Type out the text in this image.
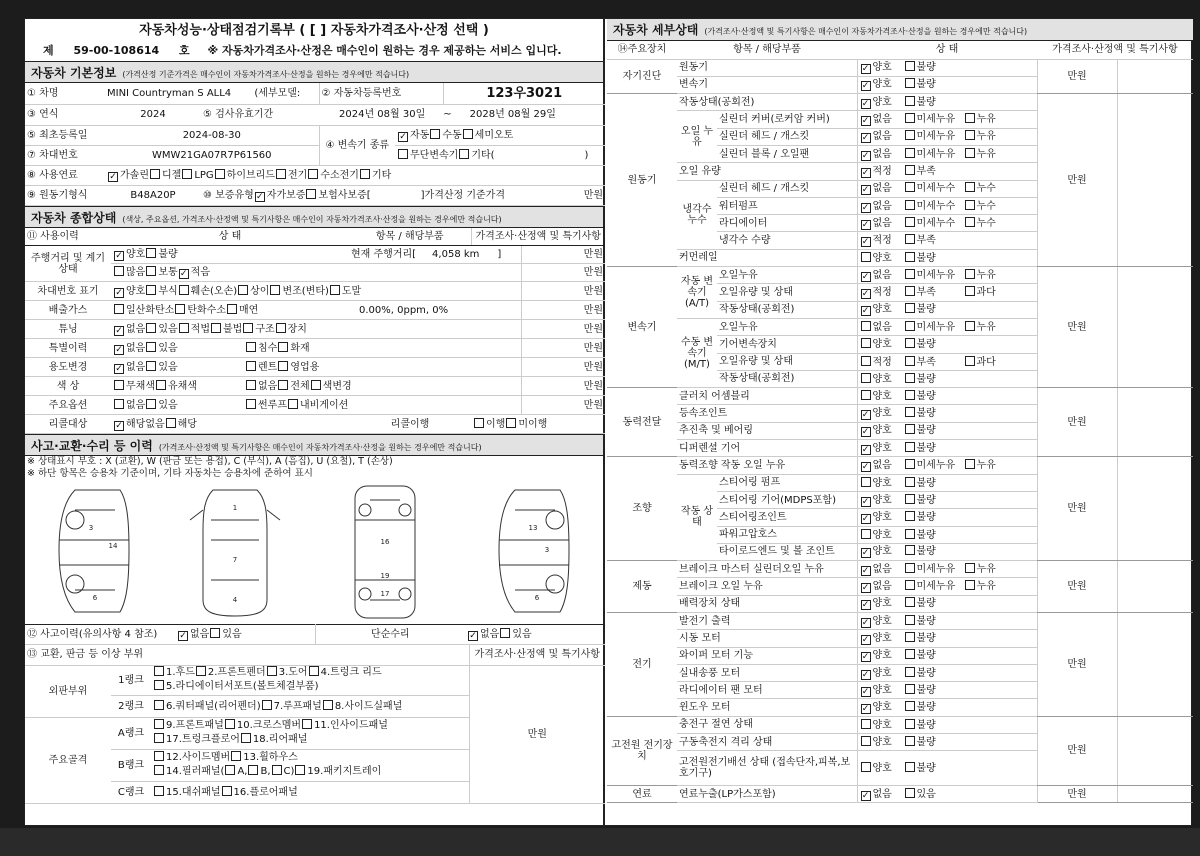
자동차성능·상태점검기록부 ( [ ] 자동차가격조사·산정 선택 )
제 59-00-108614 호 ※ 자동차가격조사·산정은 매수인이 원하는 경우 제공하는 서비스 입니다.
자동차 기본정보 (가격산정 기준가격은 매수인이 자동차가격조사·산정을 원하는 경우에만 적습니다)
① 차명	MINI Countryman S ALL4 (세부모델:		② 자동차등록번호		123우3021
③ 연식	2024	⑤ 검사유효기간	2024년 08월 30일 ~ 2028년 08월 29일		
⑤ 최초등록일	2024-08-30		④ 변속기 종류	✓자동 수동 세미오토
⑦ 차대번호	WMW21GA07R7P61560			무단변속기 기타( )	
⑧ 사용연료	✓가솔린 디젤 LPG 하이브리드 전기 수소전기 기타
⑨ 원동기형식	B48A20P	⑩ 보증유형 ✓ 자가보증 보험사보증[ ]가격산정 기준가격			만원
자동차 종합상태 (색상, 주요옵션, 가격조사·산정액 및 특기사항은 매수인이 자동차가격조사·산정을 원하는 경우에만 적습니다)
⑪ 사용이력	상 태		항목 / 해당부품	가격조사·산정액 및 특기사항	
주행거리 및 계기상태	✓양호 불량		현재 주행거리[ 4,058 km ]		만원
	많음 보통 ✓ 적음				만원
차대번호 표기	✓양호 부식 훼손(오손) 상이 변조(변타) 도말				만원
배출가스	일산화탄소 탄화수소 매연		0.00%, 0ppm, 0%		만원
튜닝	✓없음 있음 적법 불법 구조 장치				만원
특별이력	✓없음 있음	침수 화재			만원
용도변경	✓없음 있음	렌트 영업용			만원
색 상	무채색 유채색	없음 전체 색변경			만원
주요옵션	없음 있음	썬루프 내비게이션			만원
리콜대상	✓해당없음 해당		리콜이행	이행 미이행	
사고·교환·수리 등 이력 (가격조사·산정액 및 특기사항은 매수인이 자동차가격조사·산정을 원하는 경우에만 적습니다)
※ 상태표시 부호 : X (교환), W (판금 또는 용접), C (부식), A (흠집), U (요철), T (손상)
※ 하단 항목은 승용차 기준이며, 기타 자동차는 승용차에 준하여 표시
3
14
6
1
7
4
16
19
17
13
3
6
⑫ 사고이력(유의사항 4 참조)	✓없음 있음	단순수리	✓없음 있음
⑬ 교환, 판금 등 이상 부위			가격조사·산정액 및 특기사항
외판부위	1랭크	1.후드 2.프론트펜더 3.도어 4.트렁크 리드
5.라디에이터서포트(볼트체결부품)	만원
	2랭크	6.쿼터패널(리어펜더) 7.루프패널 8.사이드실패널	
주요골격	A랭크	9.프론트패널 10.크로스멤버 11.인사이드패널
17.트렁크플로어 18.리어패널	
	B랭크	12.사이드멤버 13.휠하우스
14.필러패널( A, B, C) 19.패키지트레이	
	C랭크	15.대쉬패널 16.플로어패널	
자동차 세부상태 (가격조사·산정액 및 특기사항은 매수인이 자동차가격조사·산정을 원하는 경우에만 적습니다)
⑭주요장치	항목 / 해당부품		상 태	가격조사·산정액 및 특기사항	
자기진단	원동기	✓양호 불량	만원	
	변속기	✓양호 불량
원동기	작동상태(공회전)	✓양호 불량	만원	
	오일 누유	실린더 커버(로커암 커버)	✓없음 미세누유 누유
		실린더 헤드 / 개스킷	✓없음 미세누유 누유
		실린더 블록 / 오일팬	✓없음 미세누유 누유
	오일 유량	✓적정 부족
	냉각수 누수	실린더 헤드 / 개스킷	✓없음 미세누수 누수
		워터펌프	✓없음 미세누수 누수
		라디에이터	✓없음 미세누수 누수
		냉각수 수량	✓적정 부족
	커먼레일		양호 불량		
변속기	자동 변속기 (A/T)	오일누유	✓없음 미세누유 누유	만원	
		오일유량 및 상태	✓적정 부족 과다
		작동상태(공회전)	✓양호 불량
	수동 변속기 (M/T)	오일누유	없음 미세누유 누유		
		기어변속장치	양호 불량		
		오일유량 및 상태	적정 부족 과다		
		작동상태(공회전)	양호 불량		
동력전달	클러치 어셈블리		양호 불량	만원	
	등속조인트	✓양호 불량
	추진축 및 베어링	✓양호 불량
	디퍼렌셜 기어	✓양호 불량
조향	동력조향 작동 오일 누유	✓없음 미세누유 누유	만원	
	작동 상태	스티어링 펌프	양호 불량		
		스티어링 기어(MDPS포함)	✓양호 불량
		스티어링조인트	✓양호 불량
		파워고압호스	양호 불량		
		타이로드엔드 및 볼 조인트	✓양호 불량
제동	브레이크 마스터 실린더오일 누유	✓없음 미세누유 누유	만원	
	브레이크 오일 누유	✓없음 미세누유 누유
	배력장치 상태	✓양호 불량
전기	발전기 출력	✓양호 불량	만원	
	시동 모터	✓양호 불량
	와이퍼 모터 기능	✓양호 불량
	실내송풍 모터	✓양호 불량
	라디에이터 팬 모터	✓양호 불량
	윈도우 모터	✓양호 불량
고전원 전기장치	충전구 절연 상태		양호 불량	만원	
	구동축전지 격리 상태		양호 불량		
	고전원전기배선 상태 (접속단자,피복,보호기구)		양호 불량		
연료	연료누출(LP가스포함)	✓없음 있음	만원	
